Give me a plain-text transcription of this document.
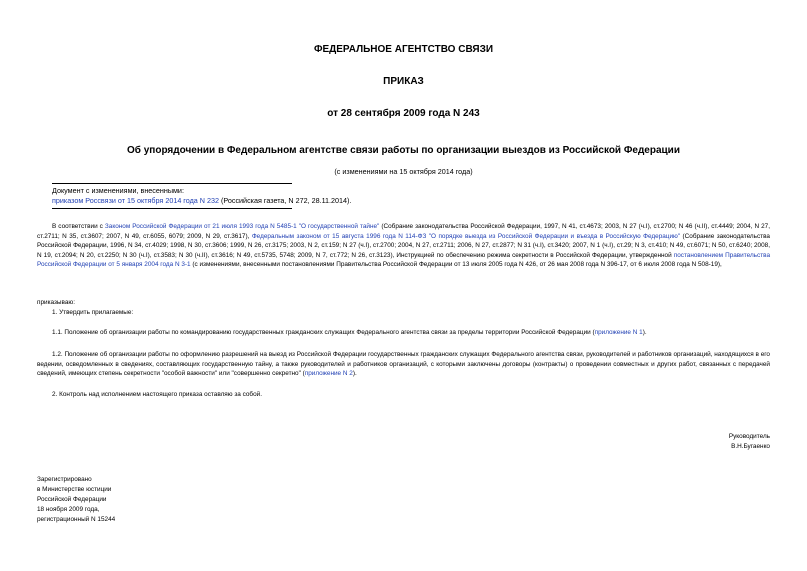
ФЕДЕРАЛЬНОЕ АГЕНТСТВО СВЯЗИ
ПРИКАЗ
от 28 сентября 2009 года N 243
Об упорядочении в Федеральном агентстве связи работы по организации выездов из Российской Федерации
(с изменениями на 15 октября 2014 года)
Документ с изменениями, внесенными:
приказом Россвязи от 15 октября 2014 года N 232 (Российская газета, N 272, 28.11.2014).
В соответствии с Законом Российской Федерации от 21 июля 1993 года N 5485-1 "О государственной тайне" (Собрание законодательства Российской Федерации, 1997, N 41, ст.4673; 2003, N 27 (ч.I), ст.2700; N 46 (ч.II), ст.4449; 2004, N 27, ст.2711; N 35, ст.3607; 2007, N 49, ст.6055, 6079; 2009, N 29, ст.3617), Федеральным законом от 15 августа 1996 года N 114-ФЗ "О порядке выезда из Российской Федерации и въезда в Российскую Федерацию" (Собрание законодательства Российской Федерации, 1996, N 34, ст.4029; 1998, N 30, ст.3606; 1999, N 26, ст.3175; 2003, N 2, ст.159; N 27 (ч.I), ст.2700; 2004, N 27, ст.2711; 2006, N 27, ст.2877; N 31 (ч.I), ст.3420; 2007, N 1 (ч.I), ст.29; N 3, ст.410; N 49, ст.6071; N 50, ст.6240; 2008, N 19, ст.2094; N 20, ст.2250; N 30 (ч.I), ст.3583; N 30 (ч.II), ст.3616; N 49, ст.5735, 5748; 2009, N 7, ст.772; N 26, ст.3123), Инструкцией по обеспечению режима секретности в Российской Федерации, утвержденной постановлением Правительства Российской Федерации от 5 января 2004 года N 3-1 (с изменениями, внесенными постановлениями Правительства Российской Федерации от 13 июля 2005 года N 426, от 26 мая 2008 года N 396-17, от 6 июля 2008 года N 508-19),
приказываю:
1. Утвердить прилагаемые:
1.1. Положение об организации работы по командированию государственных гражданских служащих Федерального агентства связи за пределы территории Российской Федерации (приложение N 1).
1.2. Положение об организации работы по оформлению разрешений на выезд из Российской Федерации государственных гражданских служащих Федерального агентства связи, руководителей и работников организаций, находящихся в его ведении, осведомленных в сведениях, составляющих государственную тайну, а также руководителей и работников организаций, с которыми заключены договоры (контракты) о проведении совместных и других работ, связанных с передачей сведений, имеющих степень секретности "особой важности" или "совершенно секретно" (приложение N 2).
2. Контроль над исполнением настоящего приказа оставляю за собой.
Руководитель
В.Н.Бугаенко
Зарегистрировано
в Министерстве юстиции
Российской Федерации
18 ноября 2009 года,
регистрационный N 15244
